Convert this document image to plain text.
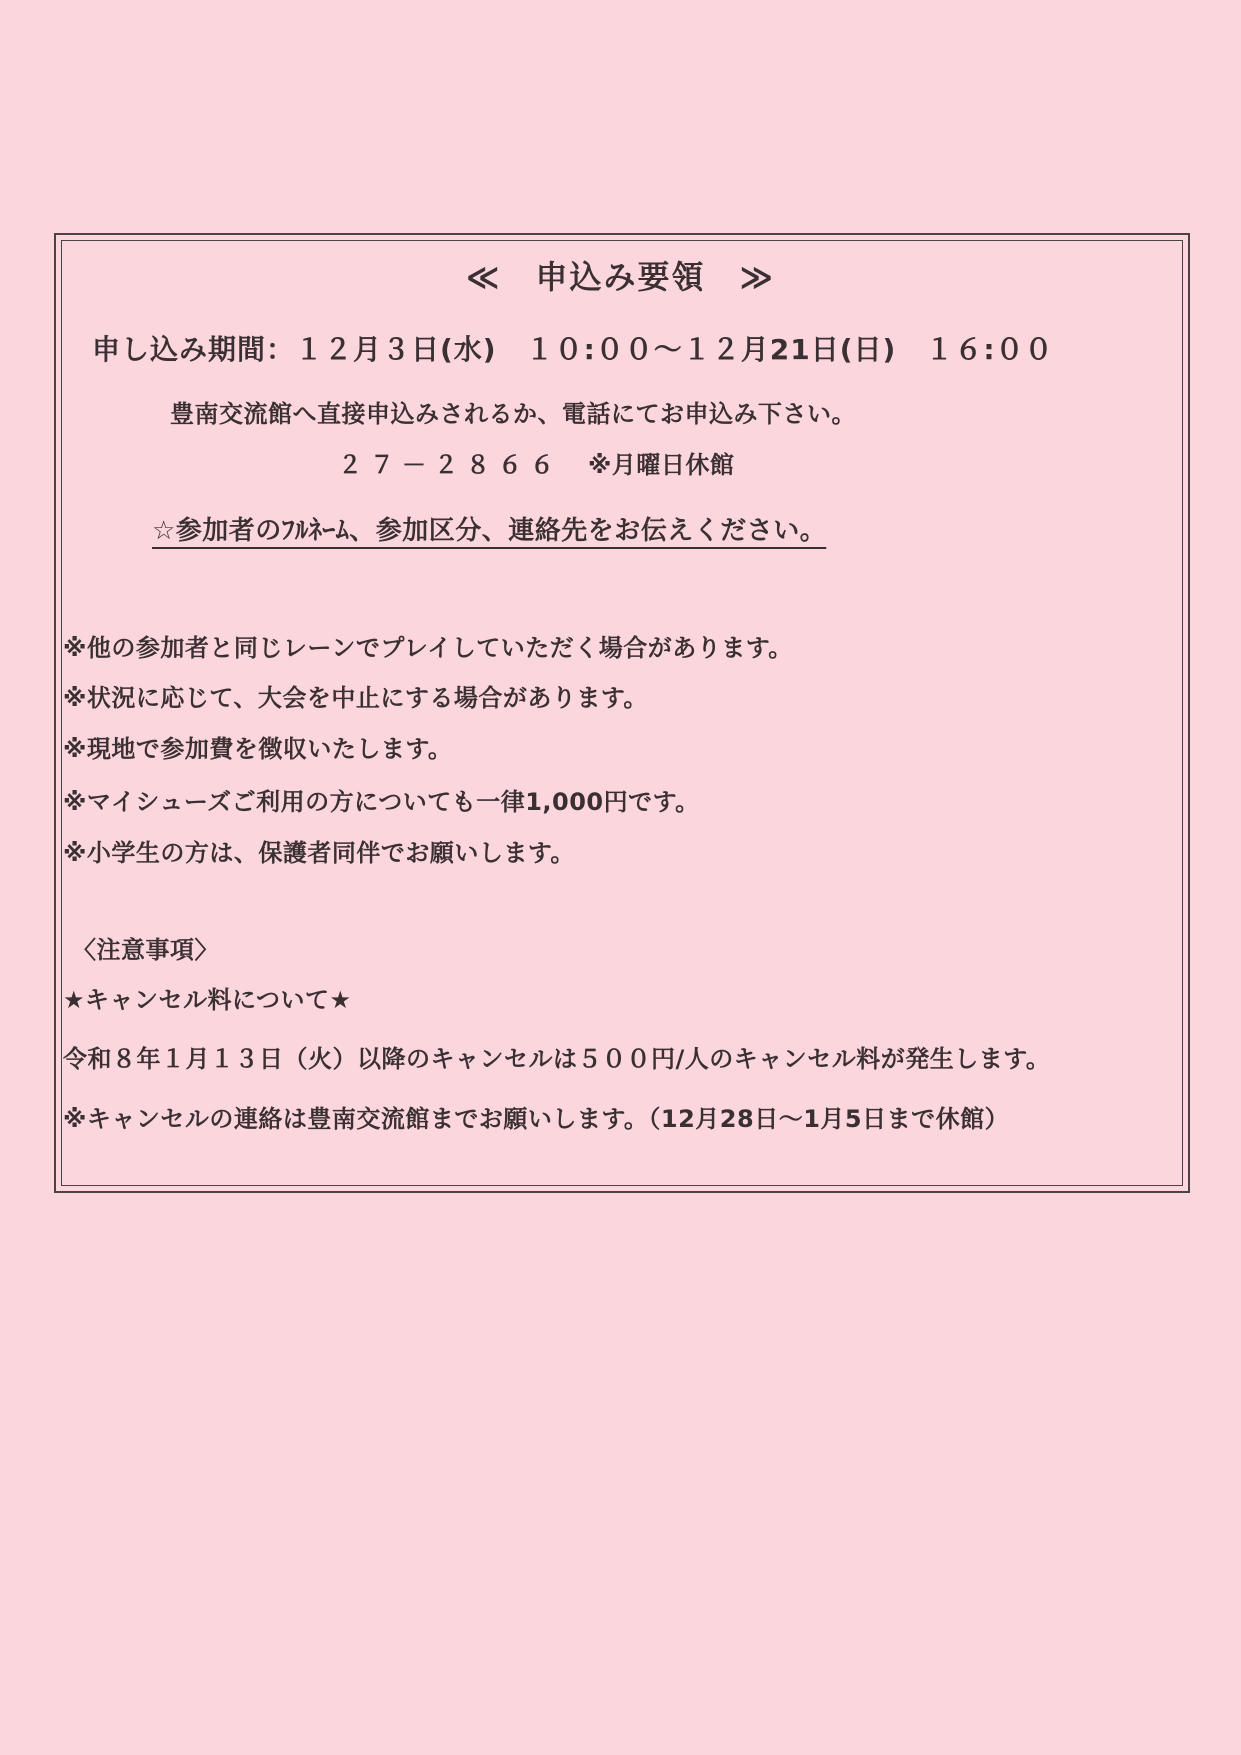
≪ 申込み要領 ≫
申し込み期間：１２月３日(水)　１０:００～１２月21日(日)　１６:００
豊南交流館へ直接申込みされるか、電話にてお申込み下さい。
２７－２８６６ ※月曜日休館
☆参加者のﾌﾙﾈｰﾑ、参加区分、連絡先をお伝えください。
※他の参加者と同じレーンでプレイしていただく場合があります。
※状況に応じて、大会を中止にする場合があります。
※現地で参加費を徴収いたします。
※マイシューズご利用の方についても一律1,000円です。
※小学生の方は、保護者同伴でお願いします。
〈注意事項〉
★キャンセル料について★
令和８年１月１３日（火）以降のキャンセルは５００円/人のキャンセル料が発生します。
※キャンセルの連絡は豊南交流館までお願いします。（12月28日～1月5日まで休館）
